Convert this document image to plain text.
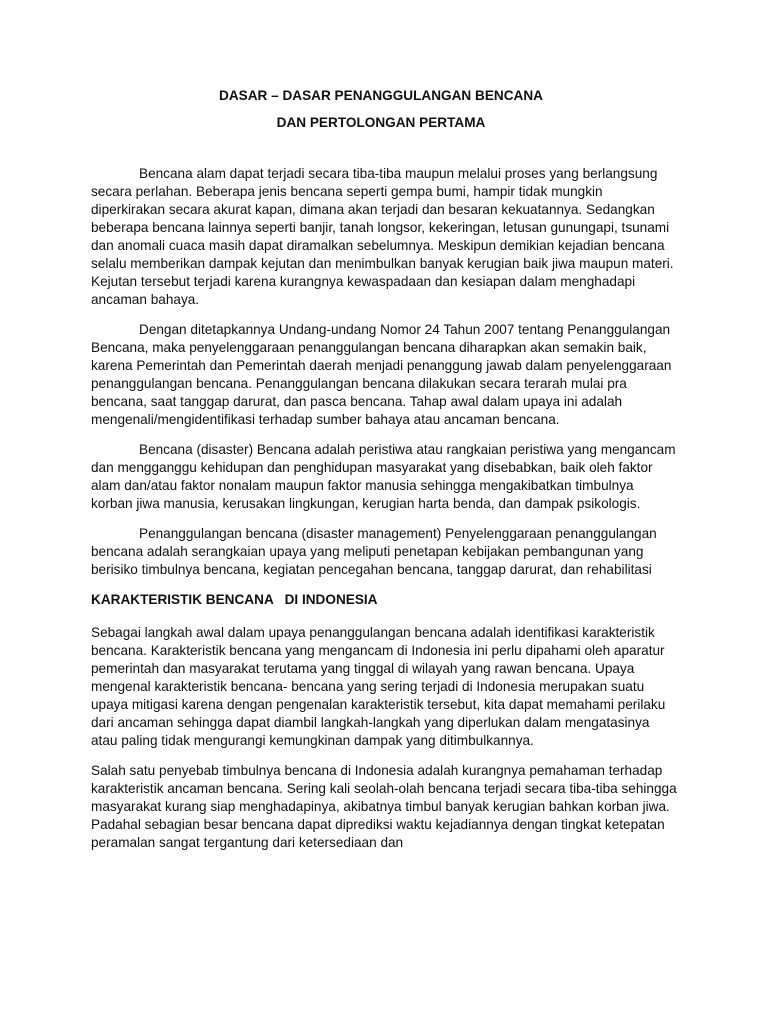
DASAR – DASAR PENANGGULANGAN BENCANA
DAN PERTOLONGAN PERTAMA

Bencana alam dapat terjadi secara tiba-tiba maupun melalui proses yang berlangsung secara perlahan. Beberapa jenis bencana seperti gempa bumi, hampir tidak mungkin diperkirakan secara akurat kapan, dimana akan terjadi dan besaran kekuatannya. Sedangkan beberapa bencana lainnya seperti banjir, tanah longsor, kekeringan, letusan gunungapi, tsunami dan anomali cuaca masih dapat diramalkan sebelumnya. Meskipun demikian kejadian bencana selalu memberikan dampak kejutan dan menimbulkan banyak kerugian baik jiwa maupun materi. Kejutan tersebut terjadi karena kurangnya kewaspadaan dan kesiapan dalam menghadapi ancaman bahaya.

Dengan ditetapkannya Undang-undang Nomor 24 Tahun 2007 tentang Penanggulangan Bencana, maka penyelenggaraan penanggulangan bencana diharapkan akan semakin baik, karena Pemerintah dan Pemerintah daerah menjadi penanggung jawab dalam penyelenggaraan penanggulangan bencana. Penanggulangan bencana dilakukan secara terarah mulai pra bencana, saat tanggap darurat, dan pasca bencana. Tahap awal dalam upaya ini adalah mengenali/mengidentifikasi terhadap sumber bahaya atau ancaman bencana.

Bencana (disaster) Bencana adalah peristiwa atau rangkaian peristiwa yang mengancam dan mengganggu kehidupan dan penghidupan masyarakat yang disebabkan, baik oleh faktor alam dan/atau faktor nonalam maupun faktor manusia sehingga mengakibatkan timbulnya korban jiwa manusia, kerusakan lingkungan, kerugian harta benda, dan dampak psikologis.

Penanggulangan bencana (disaster management) Penyelenggaraan penanggulangan bencana adalah serangkaian upaya yang meliputi penetapan kebijakan pembangunan yang berisiko timbulnya bencana, kegiatan pencegahan bencana, tanggap darurat, dan rehabilitasi

KARAKTERISTIK BENCANA   DI INDONESIA

Sebagai langkah awal dalam upaya penanggulangan bencana adalah identifikasi karakteristik bencana. Karakteristik bencana yang mengancam di Indonesia ini perlu dipahami oleh aparatur pemerintah dan masyarakat terutama yang tinggal di wilayah yang rawan bencana. Upaya mengenal karakteristik bencana- bencana yang sering terjadi di Indonesia merupakan suatu upaya mitigasi karena dengan pengenalan karakteristik tersebut, kita dapat memahami perilaku dari ancaman sehingga dapat diambil langkah-langkah yang diperlukan dalam mengatasinya atau paling tidak mengurangi kemungkinan dampak yang ditimbulkannya.

Salah satu penyebab timbulnya bencana di Indonesia adalah kurangnya pemahaman terhadap karakteristik ancaman bencana. Sering kali seolah-olah bencana terjadi secara tiba-tiba sehingga masyarakat kurang siap menghadapinya, akibatnya timbul banyak kerugian bahkan korban jiwa. Padahal sebagian besar bencana dapat diprediksi waktu kejadiannya dengan tingkat ketepatan peramalan sangat tergantung dari ketersediaan dan
